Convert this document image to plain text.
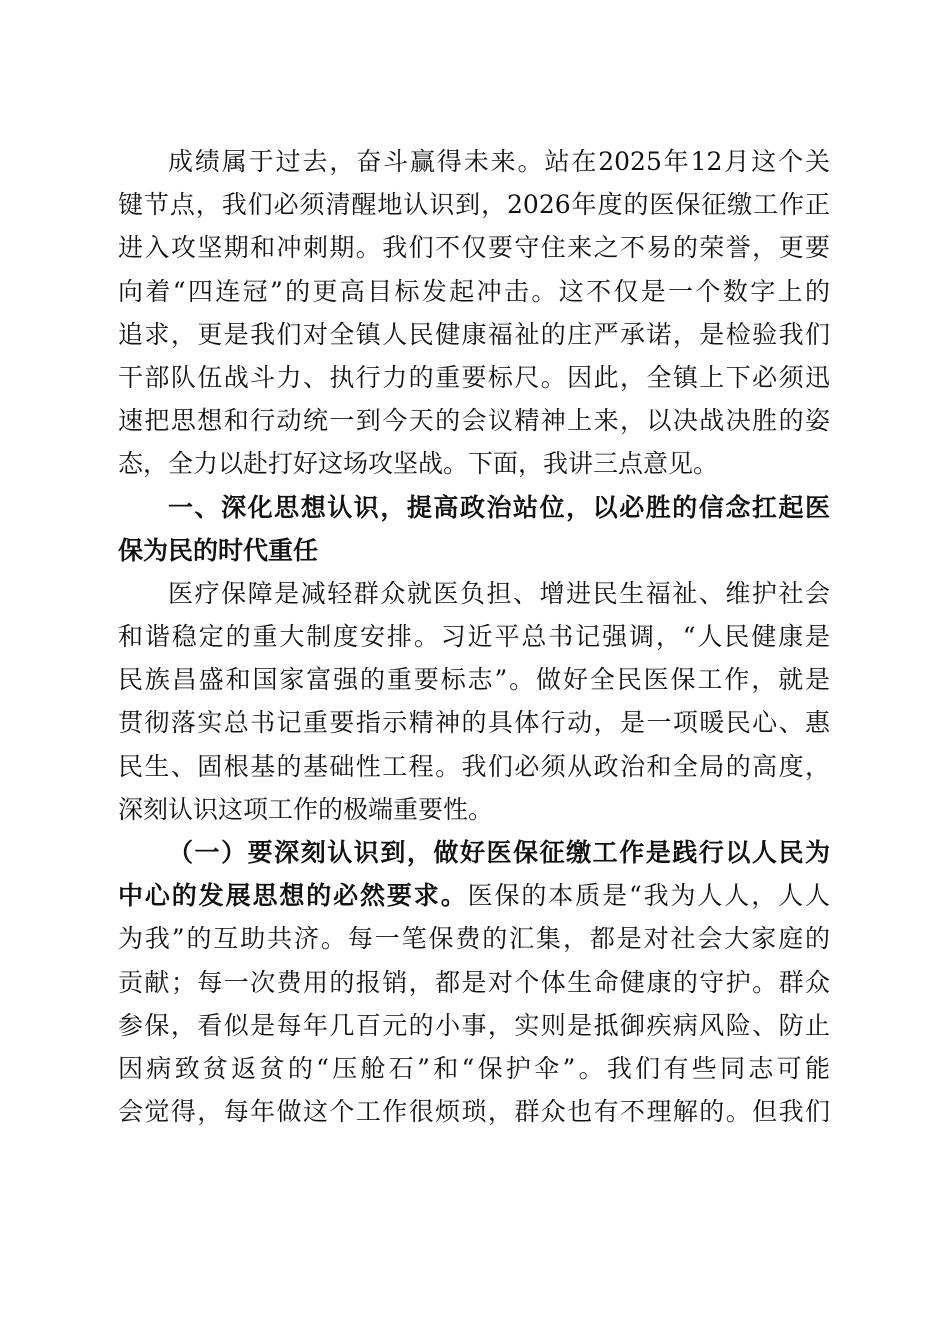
成绩属于过去，奋斗赢得未来。站在2025年12月这个关
键节点，我们必须清醒地认识到，2026年度的医保征缴工作正
进入攻坚期和冲刺期。我们不仅要守住来之不易的荣誉，更要
向着“四连冠”的更高目标发起冲击。这不仅是一个数字上的
追求，更是我们对全镇人民健康福祉的庄严承诺，是检验我们
干部队伍战斗力、执行力的重要标尺。因此，全镇上下必须迅
速把思想和行动统一到今天的会议精神上来，以决战决胜的姿
态，全力以赴打好这场攻坚战。下面，我讲三点意见。
一、深化思想认识，提高政治站位，以必胜的信念扛起医
保为民的时代重任
医疗保障是减轻群众就医负担、增进民生福祉、维护社会
和谐稳定的重大制度安排。习近平总书记强调，“人民健康是
民族昌盛和国家富强的重要标志”。做好全民医保工作，就是
贯彻落实总书记重要指示精神的具体行动，是一项暖民心、惠
民生、固根基的基础性工程。我们必须从政治和全局的高度，
深刻认识这项工作的极端重要性。
（一）要深刻认识到，做好医保征缴工作是践行以人民为
中心的发展思想的必然要求。医保的本质是“我为人人，人人
为我”的互助共济。每一笔保费的汇集，都是对社会大家庭的
贡献；每一次费用的报销，都是对个体生命健康的守护。群众
参保，看似是每年几百元的小事，实则是抵御疾病风险、防止
因病致贫返贫的“压舱石”和“保护伞”。我们有些同志可能
会觉得，每年做这个工作很烦琐，群众也有不理解的。但我们
